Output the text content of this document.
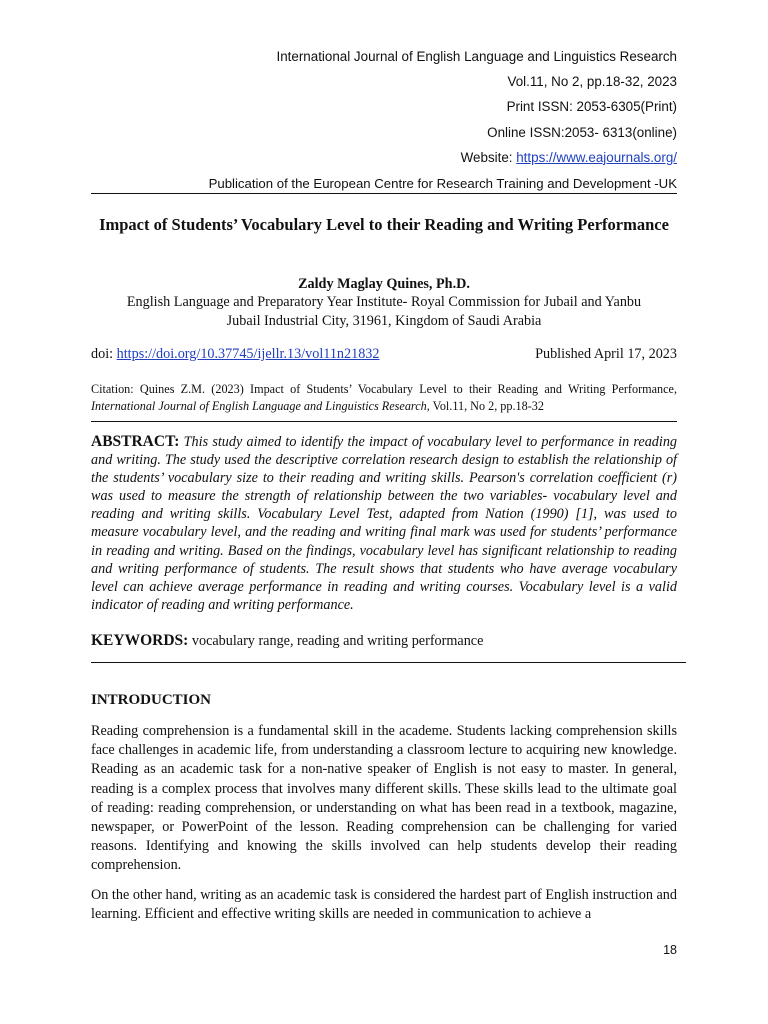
International Journal of English Language and Linguistics Research
Vol.11, No 2, pp.18-32, 2023
Print ISSN: 2053-6305(Print)
Online ISSN:2053- 6313(online)
Website: https://www.eajournals.org/
Publication of the European Centre for Research Training and Development -UK
Impact of Students’ Vocabulary Level to their Reading and Writing Performance
Zaldy Maglay Quines, Ph.D.
English Language and Preparatory Year Institute- Royal Commission for Jubail and Yanbu
Jubail Industrial City, 31961, Kingdom of Saudi Arabia
doi: https://doi.org/10.37745/ijellr.13/vol11n21832	Published April 17, 2023
Citation: Quines Z.M. (2023) Impact of Students’ Vocabulary Level to their Reading and Writing Performance, International Journal of English Language and Linguistics Research, Vol.11, No 2, pp.18-32
ABSTRACT: This study aimed to identify the impact of vocabulary level to performance in reading and writing. The study used the descriptive correlation research design to establish the relationship of the students’ vocabulary size to their reading and writing skills. Pearson's correlation coefficient (r) was used to measure the strength of relationship between the two variables- vocabulary level and reading and writing skills. Vocabulary Level Test, adapted from Nation (1990) [1], was used to measure vocabulary level, and the reading and writing final mark was used for students’ performance in reading and writing. Based on the findings, vocabulary level has significant relationship to reading and writing performance of students. The result shows that students who have average vocabulary level can achieve average performance in reading and writing courses. Vocabulary level is a valid indicator of reading and writing performance.
KEYWORDS: vocabulary range, reading and writing performance
INTRODUCTION
Reading comprehension is a fundamental skill in the academe. Students lacking comprehension skills face challenges in academic life, from understanding a classroom lecture to acquiring new knowledge. Reading as an academic task for a non-native speaker of English is not easy to master. In general, reading is a complex process that involves many different skills. These skills lead to the ultimate goal of reading: reading comprehension, or understanding on what has been read in a textbook, magazine, newspaper, or PowerPoint of the lesson. Reading comprehension can be challenging for varied reasons. Identifying and knowing the skills involved can help students develop their reading comprehension.
On the other hand, writing as an academic task is considered the hardest part of English instruction and learning. Efficient and effective writing skills are needed in communication to achieve a
18
